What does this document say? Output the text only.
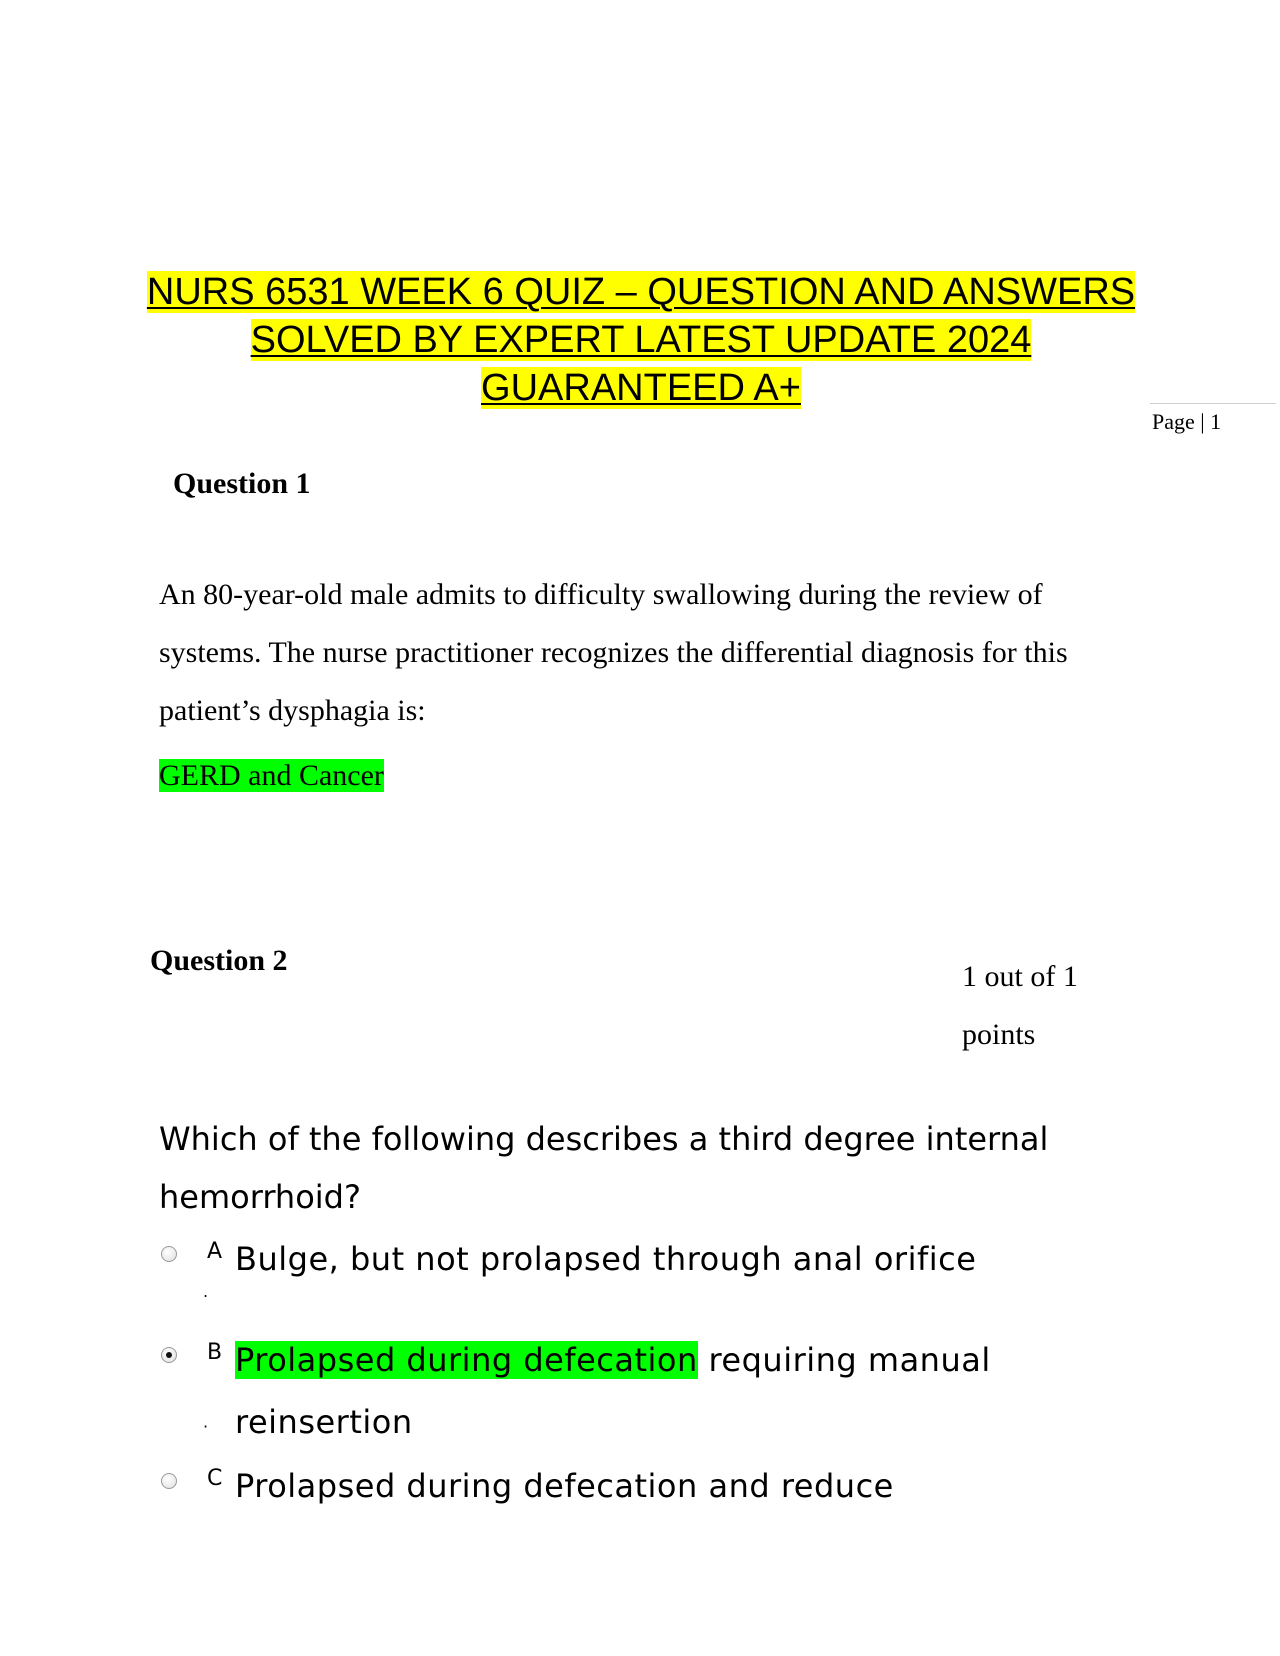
NURS 6531 WEEK 6 QUIZ – QUESTION AND ANSWERS SOLVED BY EXPERT LATEST UPDATE 2024 GUARANTEED A+
Page | 1
Question 1
An 80-year-old male admits to difficulty swallowing during the review of systems. The nurse practitioner recognizes the differential diagnosis for this patient’s dysphagia is:
GERD and Cancer
Question 2	1 out of 1 points
Which of the following describes a third degree internal hemorrhoid?
A
.
Bulge, but not prolapsed through anal orifice
B
·
Prolapsed during defecation requiring manual reinsertion
C Prolapsed during defecation and reduce
